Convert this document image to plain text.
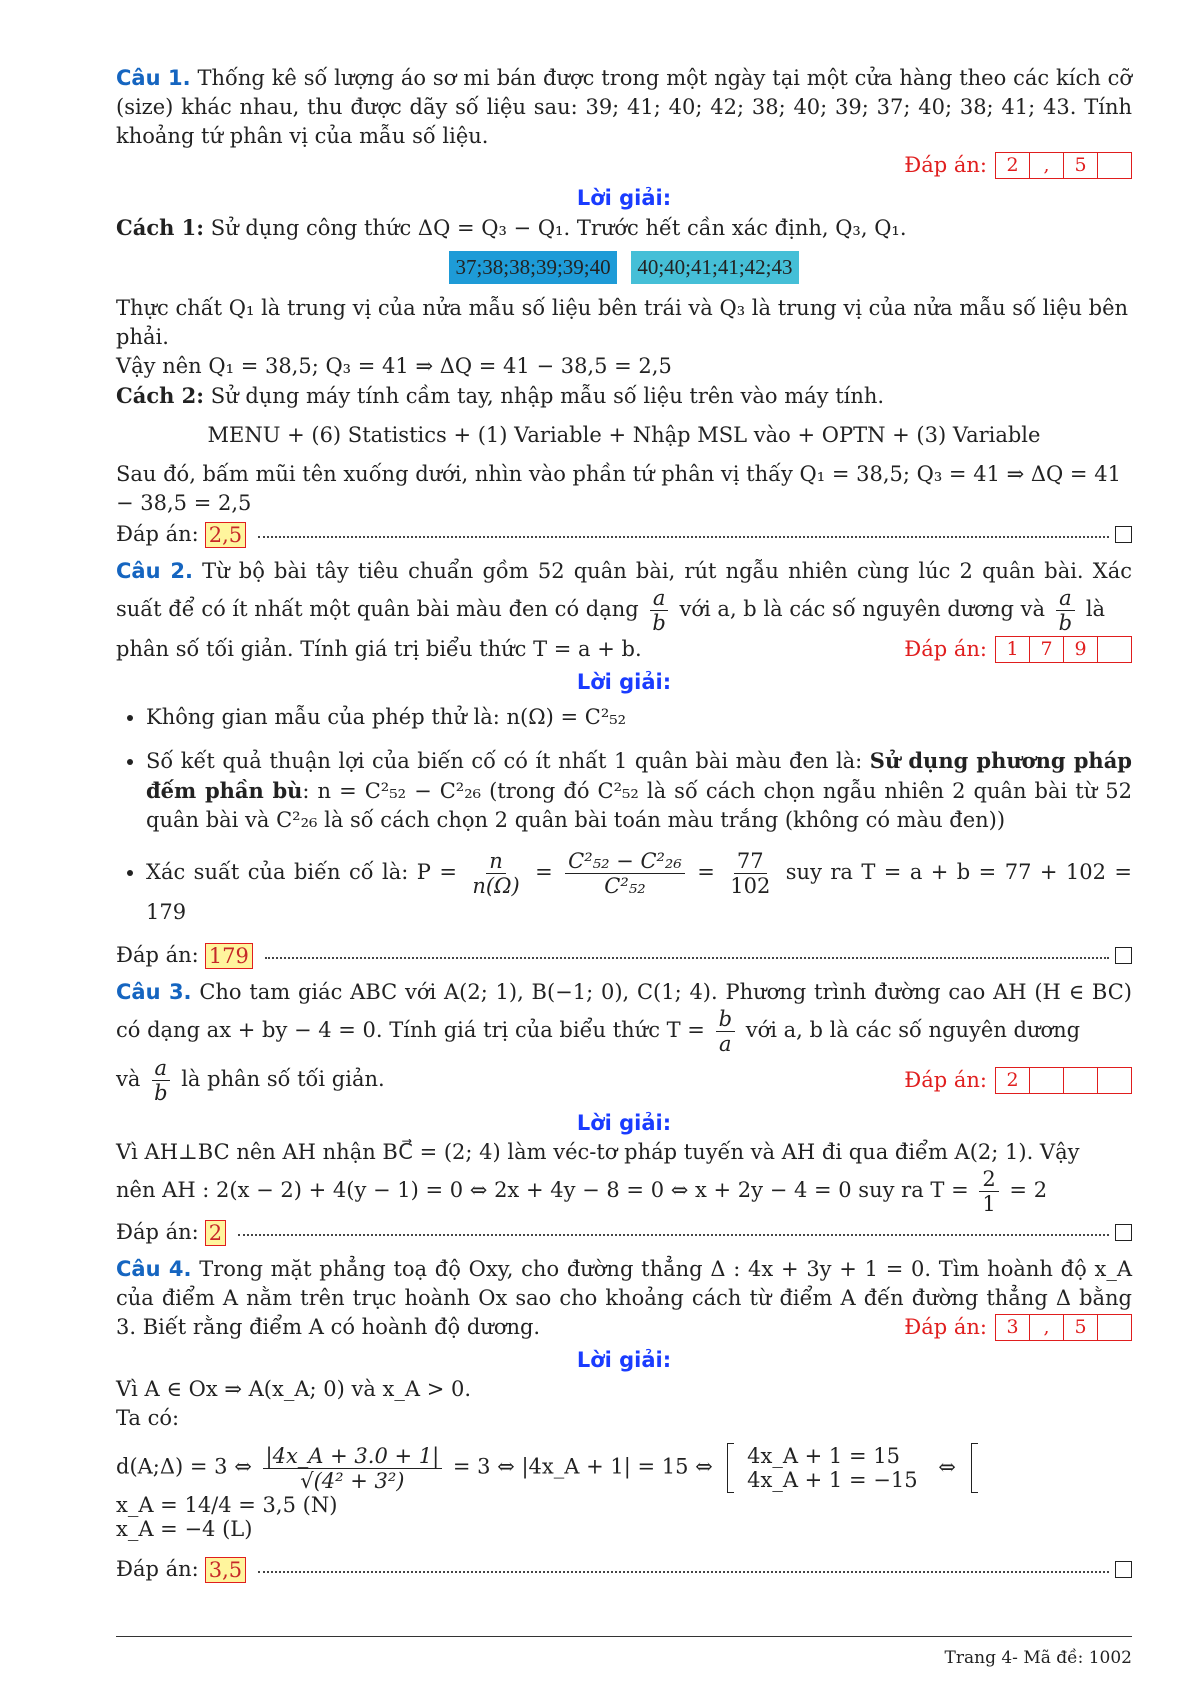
Câu 1. Thống kê số lượng áo sơ mi bán được trong một ngày tại một cửa hàng theo các kích cỡ (size) khác nhau, thu được dãy số liệu sau: 39; 41; 40; 42; 38; 40; 39; 37; 40; 38; 41; 43. Tính khoảng tứ phân vị của mẫu số liệu.
Đáp án:	2	,	5
Lời giải:
Cách 1: Sử dụng công thức ΔQ = Q₃ − Q₁. Trước hết cần xác định, Q₃, Q₁.
37;38;38;39;39;40 40;40;41;41;42;43
Thực chất Q₁ là trung vị của nửa mẫu số liệu bên trái và Q₃ là trung vị của nửa mẫu số liệu bên phải.
Vậy nên Q₁ = 38,5; Q₃ = 41 ⇒ ΔQ = 41 − 38,5 = 2,5
Cách 2: Sử dụng máy tính cầm tay, nhập mẫu số liệu trên vào máy tính.
MENU + (6) Statistics + (1) Variable + Nhập MSL vào + OPTN + (3) Variable
Sau đó, bấm mũi tên xuống dưới, nhìn vào phần tứ phân vị thấy Q₁ = 38,5; Q₃ = 41 ⇒ ΔQ = 41 − 38,5 = 2,5
Đáp án: 2,5
Câu 2. Từ bộ bài tây tiêu chuẩn gồm 52 quân bài, rút ngẫu nhiên cùng lúc 2 quân bài. Xác suất để có ít nhất một quân bài màu đen có dạng $\frac{a}{b}$ với a, b là các số nguyên dương và $\frac{a}{b}$ là
phân số tối giản. Tính giá trị biểu thức T = a + b.	Đáp án:	1	7	9
Lời giải:
• Không gian mẫu của phép thử là: n(Ω) = C²₅₂
• Số kết quả thuận lợi của biến cố có ít nhất 1 quân bài màu đen là: Sử dụng phương pháp đếm phần bù: n = C²₅₂ − C²₂₆ (trong đó C²₅₂ là số cách chọn ngẫu nhiên 2 quân bài từ 52 quân bài và C²₂₆ là số cách chọn 2 quân bài toán màu trắng (không có màu đen))
• Xác suất của biến cố là: $P = \frac{n}{n(\Omega)} = \frac{\text{C²₅₂ − C²₂₆}}{\text{C²₅₂}} = \frac{77}{102}$ suy ra T = a + b = 77 + 102 = 179
Đáp án: 179
Câu 3. Cho tam giác ABC với A(2; 1), B(−1; 0), C(1; 4). Phương trình đường cao AH (H ∈ BC) có dạng ax + by − 4 = 0. Tính giá trị của biểu thức $T = \frac{b}{a}$ với a, b là các số nguyên dương
và $\frac{a}{b}$ là phân số tối giản.	Đáp án:	2
Lời giải:
Vì AH⊥BC nên AH nhận BC⃗ = (2; 4) làm véc-tơ pháp tuyến và AH đi qua điểm A(2; 1). Vậy
nên AH : 2(x − 2) + 4(y − 1) = 0 ⇔ 2x + 4y − 8 = 0 ⇔ x + 2y − 4 = 0 suy ra $T = \frac{2}{1} = 2$
Đáp án: 2
Câu 4. Trong mặt phẳng toạ độ Oxy, cho đường thẳng Δ : 4x + 3y + 1 = 0. Tìm hoành độ x_A của điểm A nằm trên trục hoành Ox sao cho khoảng cách từ điểm A đến đường thẳng Δ bằng 3. Biết rằng điểm A có hoành độ dương.	Đáp án:	3	,	5
Lời giải:
Vì A ∈ Ox ⇒ A(x_A; 0) và x_A > 0.
Ta có:
d(A;Δ) = 3 ⇔ $\frac{|4x\_A + 3.0 + 1|}{\text{√(4² + 3²)}} = 3$ ⇔ |4x_A + 1| = 15 ⇔ 4x_A + 1 = 15
4x_A + 1 = −15
⇔
x_A = 14/4 = 3,5 (N)
x_A = −4 (L)
Đáp án: 3,5
Trang 4- Mã đề: 1002
